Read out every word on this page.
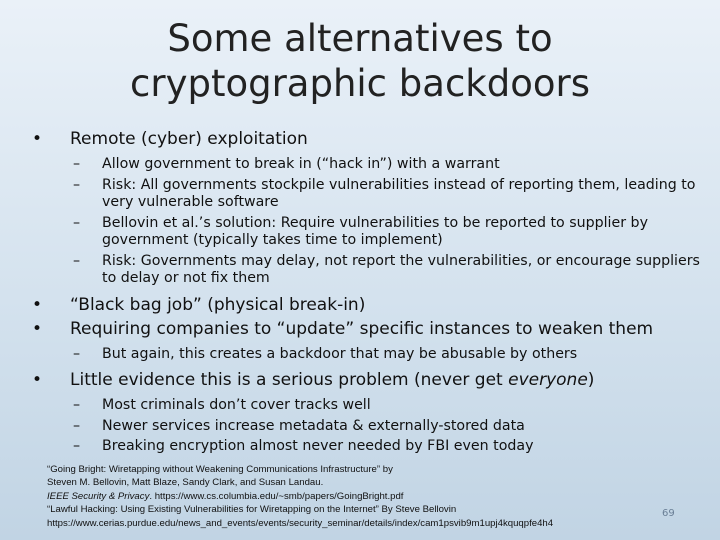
Some alternatives to
cryptographic backdoors
• Remote (cyber) exploitation
– Allow government to break in (“hack in”) with a warrant
– Risk: All governments stockpile vulnerabilities instead of reporting them, leading to very vulnerable software
– Bellovin et al.’s solution: Require vulnerabilities to be reported to supplier by government (typically takes time to implement)
– Risk: Governments may delay, not report the vulnerabilities, or encourage suppliers to delay or not fix them
• “Black bag job” (physical break-in)
• Requiring companies to “update” specific instances to weaken them
– But again, this creates a backdoor that may be abusable by others
• Little evidence this is a serious problem (never get everyone)
– Most criminals don’t cover tracks well
– Newer services increase metadata & externally-stored data
– Breaking encryption almost never needed by FBI even today
“Going Bright: Wiretapping without Weakening Communications Infrastructure” by
Steven M. Bellovin, Matt Blaze, Sandy Clark, and Susan Landau.
IEEE Security & Privacy. https://www.cs.columbia.edu/~smb/papers/GoingBright.pdf
“Lawful Hacking: Using Existing Vulnerabilities for Wiretapping on the Internet” By Steve Bellovin
https://www.cerias.purdue.edu/news_and_events/events/security_seminar/details/index/cam1psvib9m1upj4kquqpfe4h4
69
